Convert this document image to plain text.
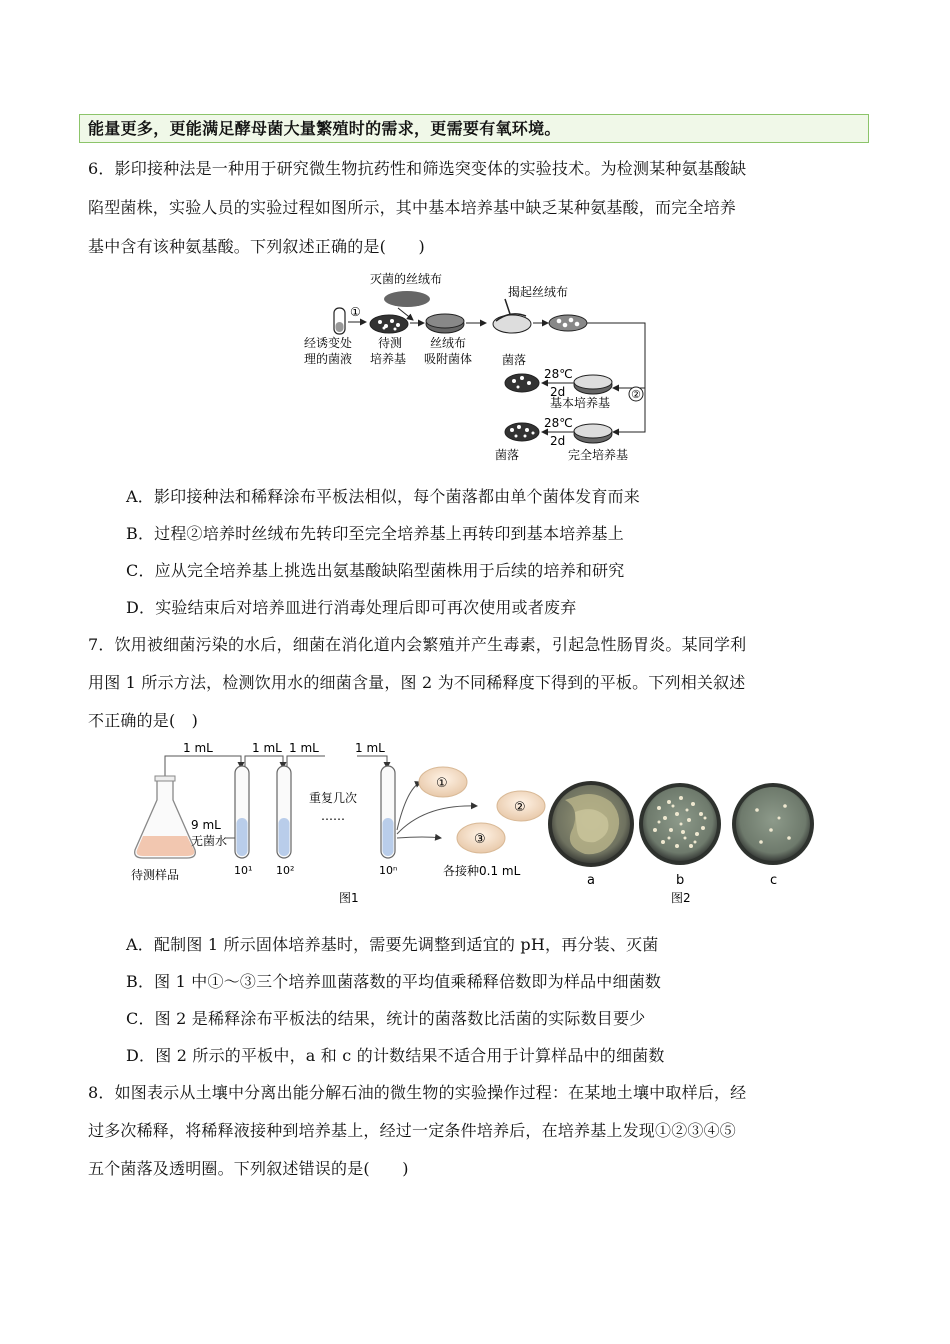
能量更多，更能满足酵母菌大量繁殖时的需求，更需要有氧环境。
6．影印接种法是一种用于研究微生物抗药性和筛选突变体的实验技术。为检测某种氨基酸缺
陷型菌株，实验人员的实验过程如图所示，其中基本培养基中缺乏某种氨基酸，而完全培养
基中含有该种氨基酸。下列叙述正确的是(　　)
灭菌的丝绒布
①
揭起丝绒布
②
经诱变处
理的菌液
待测
培养基
丝绒布
吸附菌体 菌落
28℃
2d
基本培养基
28℃
2d
菌落	完全培养基
A．影印接种法和稀释涂布平板法相似，每个菌落都由单个菌体发育而来
B．过程②培养时丝绒布先转印至完全培养基上再转印到基本培养基上
C．应从完全培养基上挑选出氨基酸缺陷型菌株用于后续的培养和研究
D．实验结束后对培养皿进行消毒处理后即可再次使用或者废弃
7．饮用被细菌污染的水后，细菌在消化道内会繁殖并产生毒素，引起急性肠胃炎。某同学利
用图 1 所示方法，检测饮用水的细菌含量，图 2 为不同稀释度下得到的平板。下列相关叙述
不正确的是(　)
1 mL	1 mL 1 mL	1 mL
待测样品
9 mL
无菌水
重复几次
……
10¹ 10²	10ⁿ
①
②
③
各接种0.1 mL
图1
a	b	c
图2
A．配制图 1 所示固体培养基时，需要先调整到适宜的 pH，再分装、灭菌
B．图 1 中①～③三个培养皿菌落数的平均值乘稀释倍数即为样品中细菌数
C．图 2 是稀释涂布平板法的结果，统计的菌落数比活菌的实际数目要少
D．图 2 所示的平板中，a 和 c 的计数结果不适合用于计算样品中的细菌数
8．如图表示从土壤中分离出能分解石油的微生物的实验操作过程：在某地土壤中取样后，经
过多次稀释，将稀释液接种到培养基上，经过一定条件培养后，在培养基上发现①②③④⑤
五个菌落及透明圈。下列叙述错误的是(　　)
